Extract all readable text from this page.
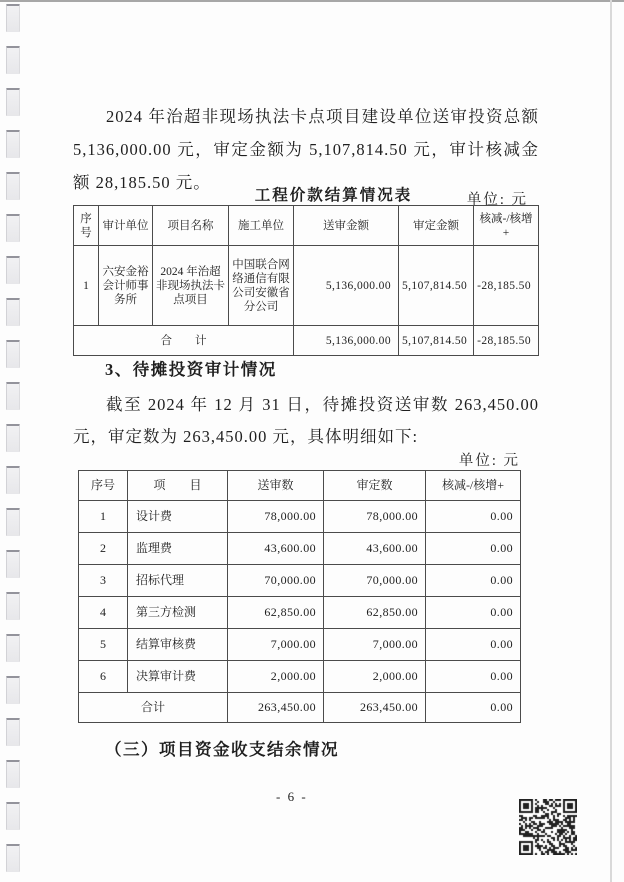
2024 年治超非现场执法卡点项目建设单位送审投资总额 5,136,000.00 元，审定金额为 5,107,814.50 元，审计核减金额 28,185.50 元。

工程价款结算情况表	单位: 元
序号	审计单位	项目名称	施工单位	送审金额	审定金额	核减-/核增+
1	六安金裕会计师事务所	2024 年治超非现场执法卡点项目	中国联合网络通信有限公司安徽省分公司	5,136,000.00	5,107,814.50	-28,185.50
合　　计				5,136,000.00	5,107,814.50	-28,185.50
3、待摊投资审计情况

截至 2024 年 12 月 31 日，待摊投资送审数 263,450.00 元，审定数为 263,450.00 元，具体明细如下:

单位: 元
序号	项　　目	送审数	审定数	核减-/核增+
1	设计费	78,000.00	78,000.00	0.00
2	监理费	43,600.00	43,600.00	0.00
3	招标代理	70,000.00	70,000.00	0.00
4	第三方检测	62,850.00	62,850.00	0.00
5	结算审核费	7,000.00	7,000.00	0.00
6	决算审计费	2,000.00	2,000.00	0.00
合计		263,450.00	263,450.00	0.00
（三）项目资金收支结余情况
- 6 -
